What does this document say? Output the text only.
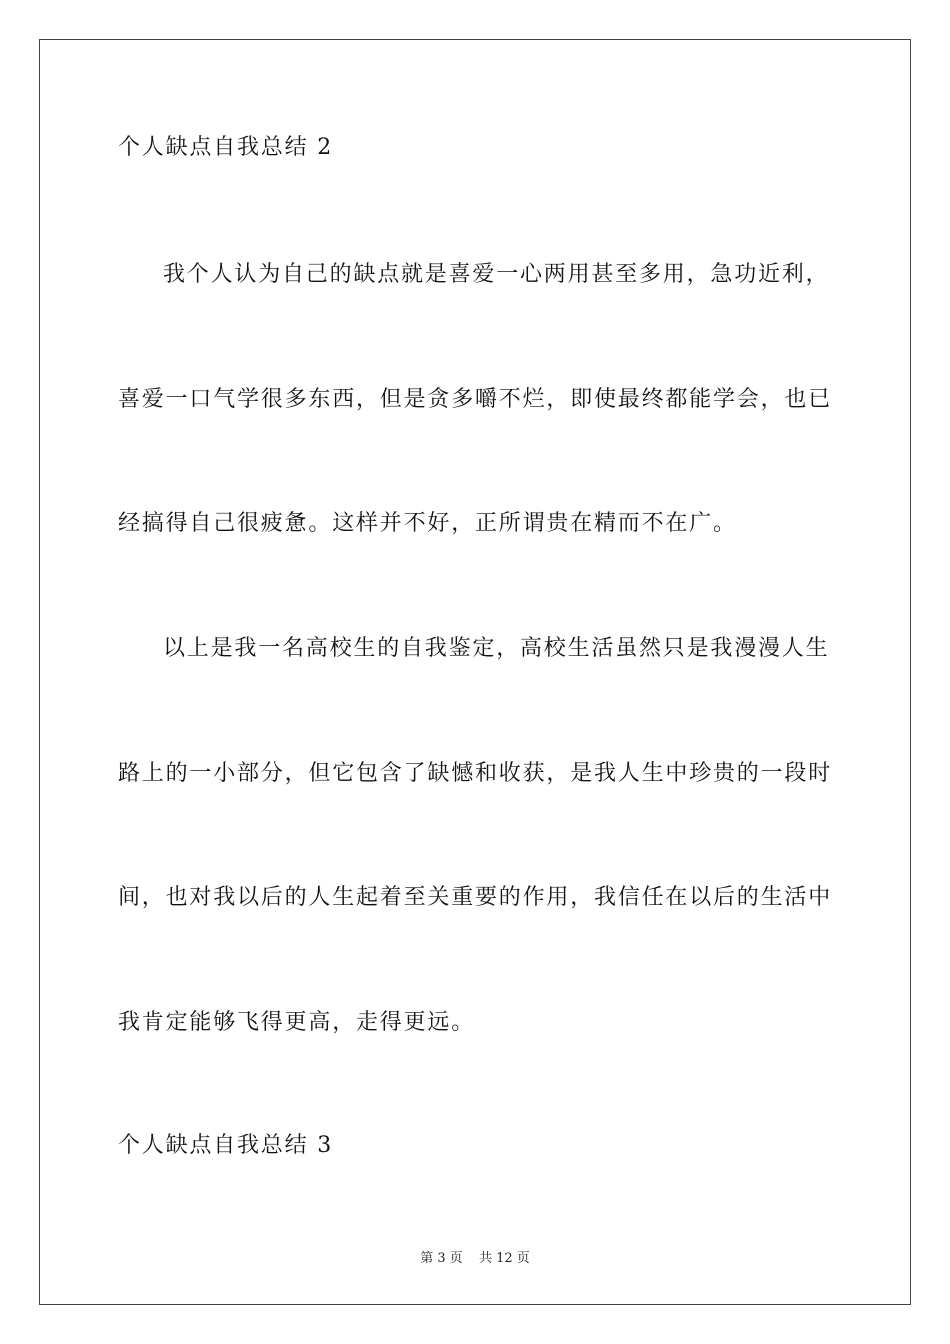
个人缺点自我总结 2
我个人认为自己的缺点就是喜爱一心两用甚至多用，急功近利，
喜爱一口气学很多东西，但是贪多嚼不烂，即使最终都能学会，也已
经搞得自己很疲惫。这样并不好，正所谓贵在精而不在广。
以上是我一名高校生的自我鉴定，高校生活虽然只是我漫漫人生
路上的一小部分，但它包含了缺憾和收获，是我人生中珍贵的一段时
间，也对我以后的人生起着至关重要的作用，我信任在以后的生活中
我肯定能够飞得更高，走得更远。
个人缺点自我总结 3
第 3 页 共 12 页
